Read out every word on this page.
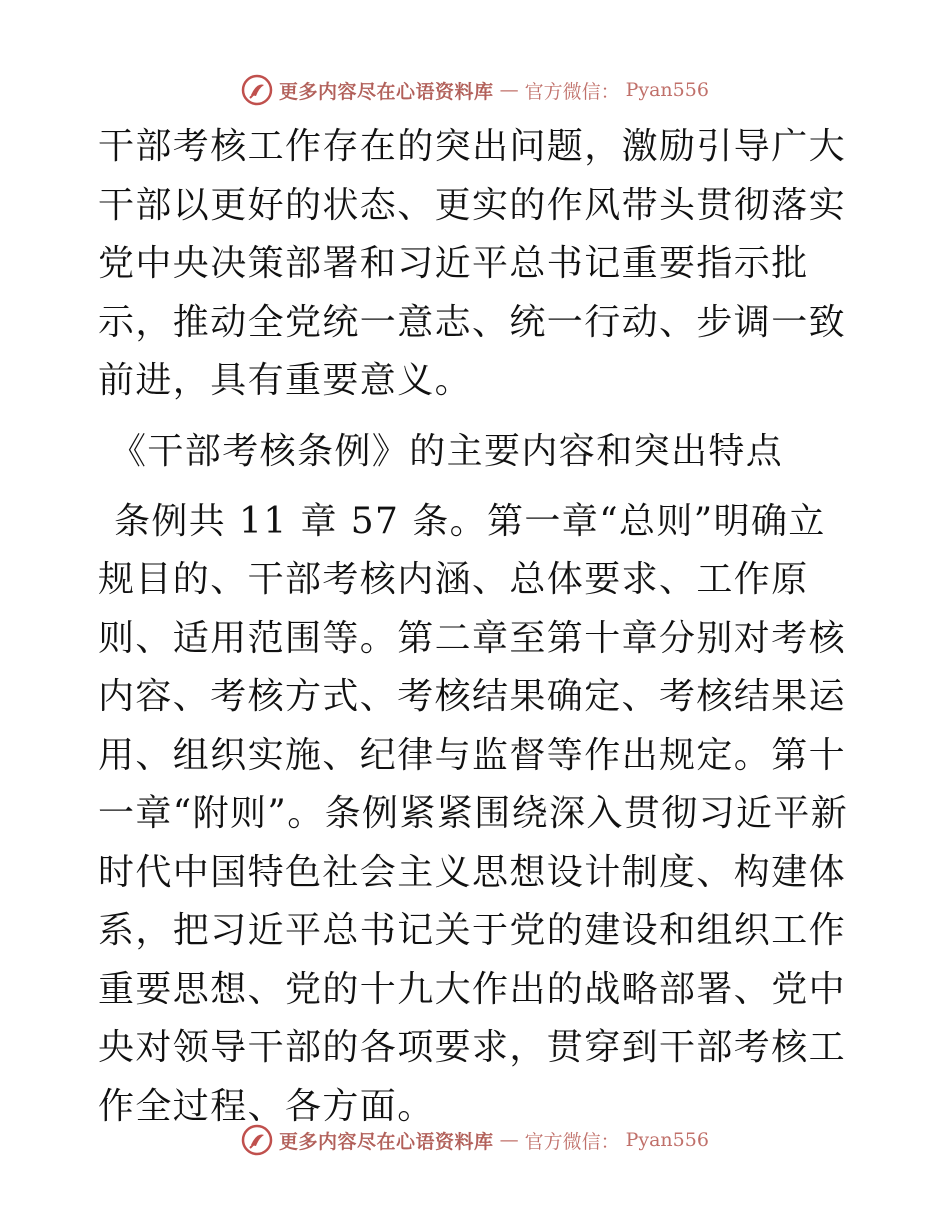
更多内容尽在心语资料库 — 官方微信： Pyan556

干部考核工作存在的突出问题，激励引导广大干部以更好的状态、更实的作风带头贯彻落实党中央决策部署和习近平总书记重要指示批示，推动全党统一意志、统一行动、步调一致前进，具有重要意义。

《干部考核条例》的主要内容和突出特点

条例共 11 章 57 条。第一章“总则”明确立规目的、干部考核内涵、总体要求、工作原则、适用范围等。第二章至第十章分别对考核内容、考核方式、考核结果确定、考核结果运用、组织实施、纪律与监督等作出规定。第十一章“附则”。条例紧紧围绕深入贯彻习近平新时代中国特色社会主义思想设计制度、构建体系，把习近平总书记关于党的建设和组织工作重要思想、党的十九大作出的战略部署、党中央对领导干部的各项要求，贯穿到干部考核工作全过程、各方面。

更多内容尽在心语资料库 — 官方微信： Pyan556
